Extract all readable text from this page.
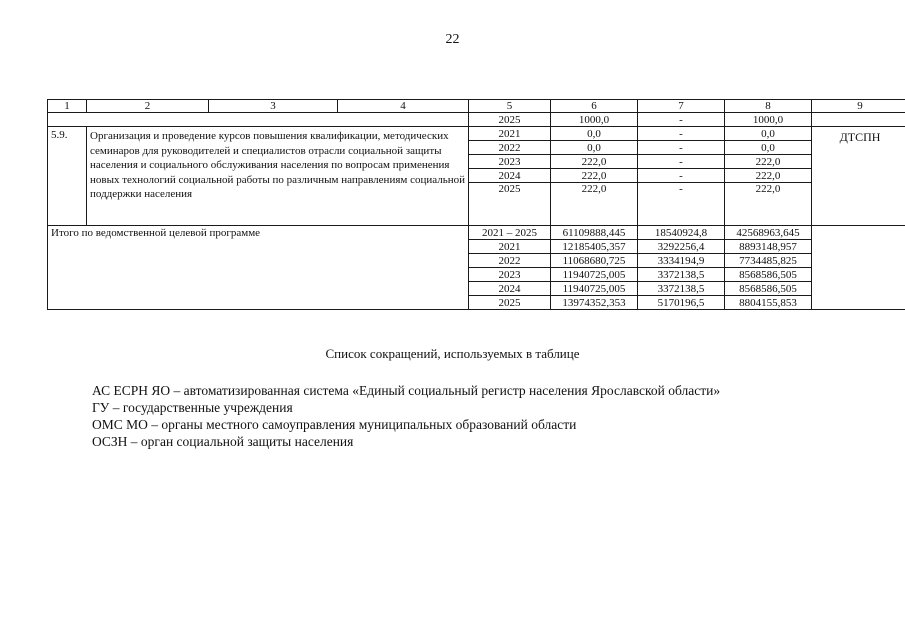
22
1	2	3	4	5	6	7	8	9
				2025	1000,0	-	1000,0	
5.9.	Организация и проведение курсов повышения квалификации, методических семинаров для руководителей и специалистов отрасли социальной защиты населения и социального обслуживания населения по вопросам применения новых технологий социальной работы по различным направлениям социальной поддержки населения			2021	0,0	-	0,0	ДТСПН
				2022	0,0	-	0,0	
				2023	222,0	-	222,0	
				2024	222,0	-	222,0	
				2025	222,0	-	222,0	
Итого по ведомственной целевой программе				2021 – 2025	61109888,445	18540924,8	42568963,645	
				2021	12185405,357	3292256,4	8893148,957	
				2022	11068680,725	3334194,9	7734485,825	
				2023	11940725,005	3372138,5	8568586,505	
				2024	11940725,005	3372138,5	8568586,505	
				2025	13974352,353	5170196,5	8804155,853	
Список сокращений, используемых в таблице
АС ЕСРН ЯО – автоматизированная система «Единый социальный регистр населения Ярославской области»
ГУ – государственные учреждения
ОМС МО – органы местного самоуправления муниципальных образований области
ОСЗН – орган социальной защиты населения
